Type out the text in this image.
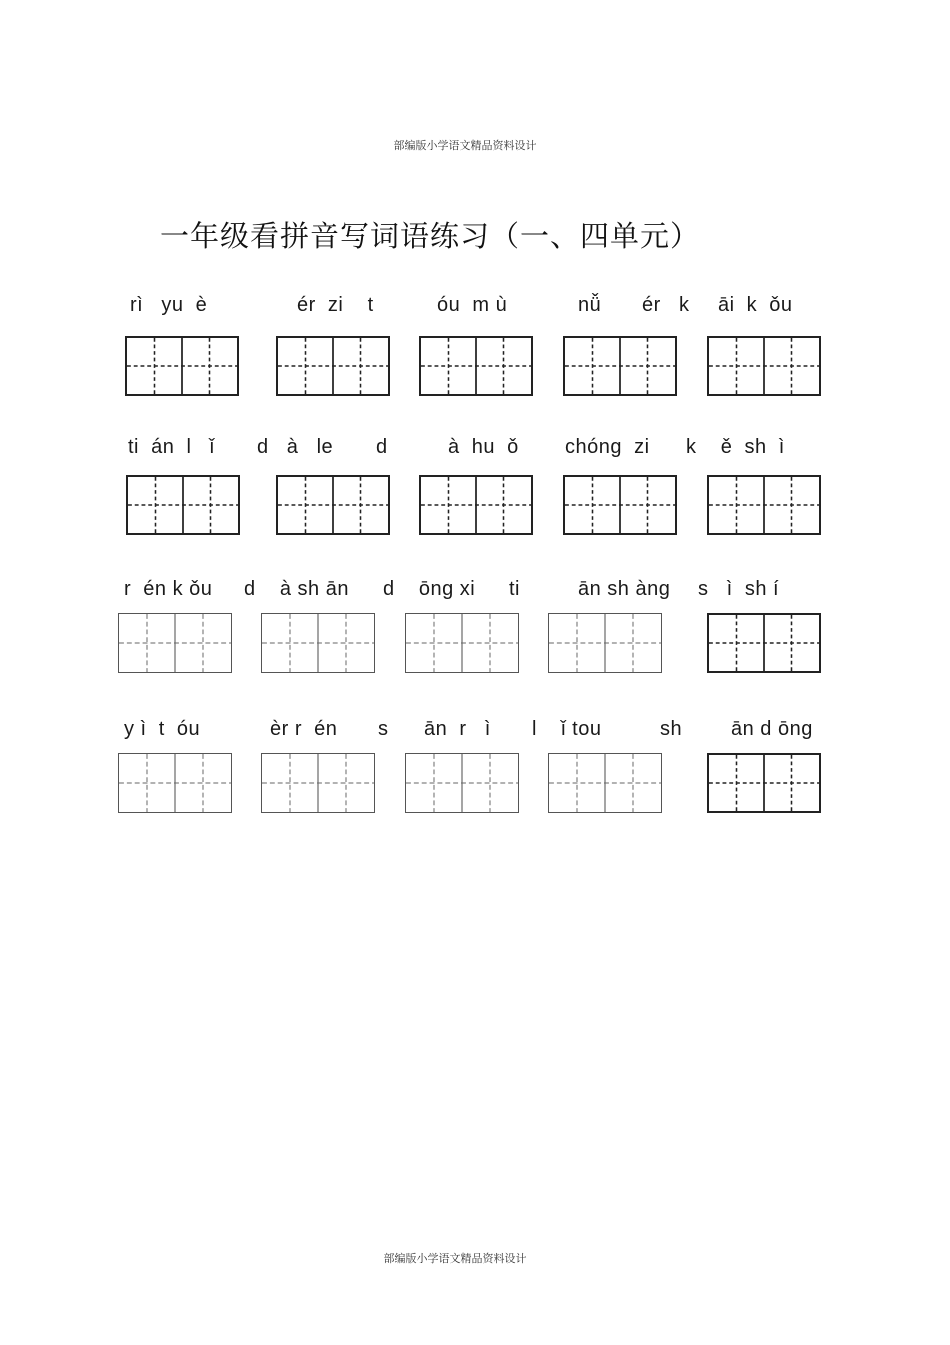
部编版小学语文精品资料设计
一年级看拼音写词语练习（一、四单元）
rì   yu  è	ér  zi    t	óu  m ù	nǚ ér   k āi  k  ǒu
ti  án  l   ǐ d   à   le d	à  hu  ǒ chóng  zi k    ě  sh  ì
r  én k ǒu d    à sh ān d    ōng xi ti	ān sh àng s   ì  sh í
y ì  t  óu	èr r  én s ān  r   ì l    ǐ tou	sh ān d ōng
部编版小学语文精品资料设计
